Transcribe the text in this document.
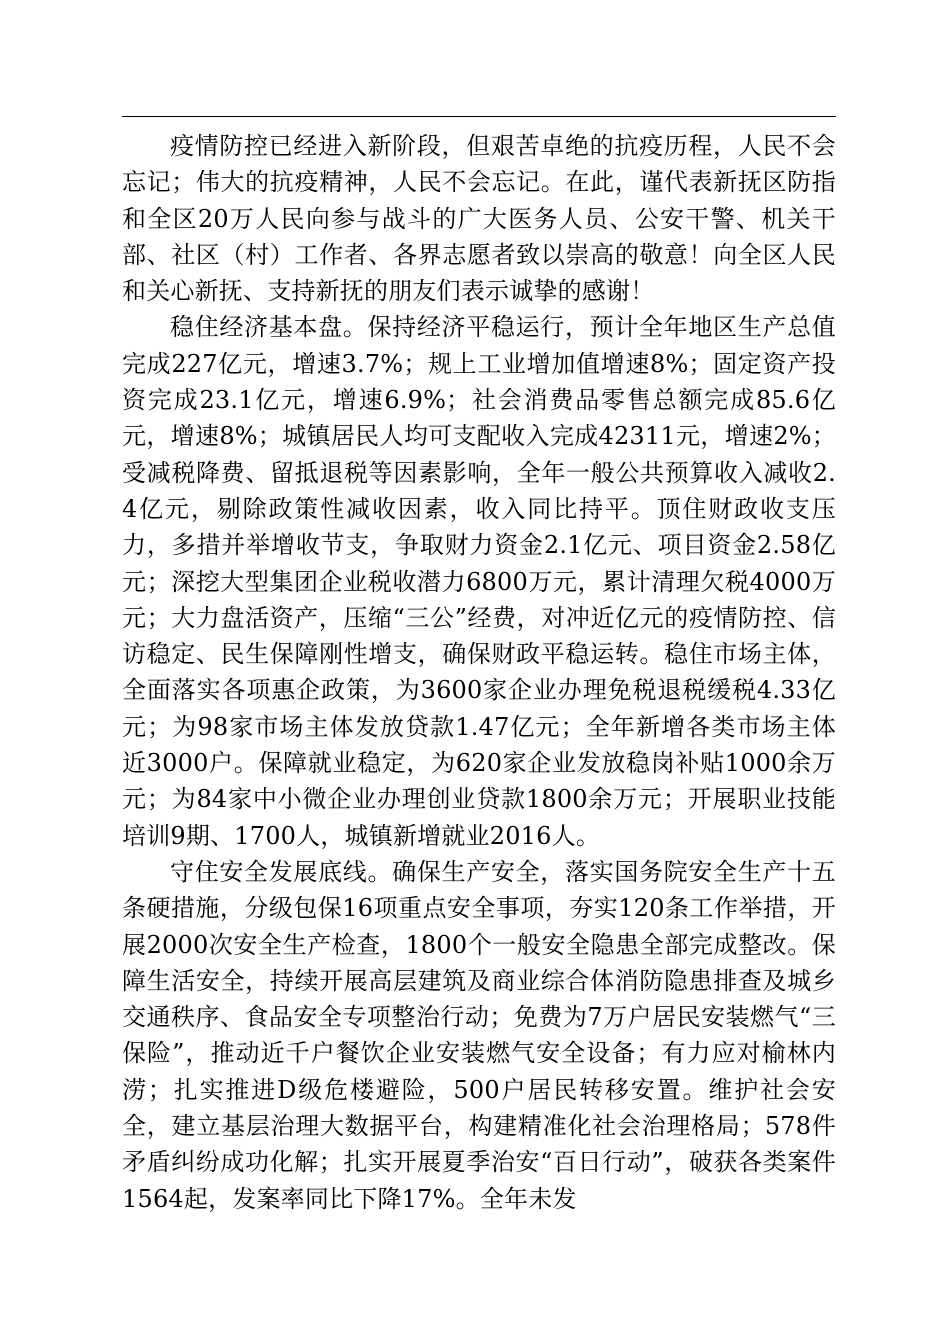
疫情防控已经进入新阶段，但艰苦卓绝的抗疫历程，人民不会忘记；伟大的抗疫精神，人民不会忘记。在此，谨代表新抚区防指和全区20万人民向参与战斗的广大医务人员、公安干警、机关干部、社区（村）工作者、各界志愿者致以崇高的敬意！向全区人民和关心新抚、支持新抚的朋友们表示诚挚的感谢！

稳住经济基本盘。保持经济平稳运行，预计全年地区生产总值完成227亿元，增速3.7%；规上工业增加值增速8%；固定资产投资完成23.1亿元，增速6.9%；社会消费品零售总额完成85.6亿元，增速8%；城镇居民人均可支配收入完成42311元，增速2%；受减税降费、留抵退税等因素影响，全年一般公共预算收入减收2.4亿元，剔除政策性减收因素，收入同比持平。顶住财政收支压力，多措并举增收节支，争取财力资金2.1亿元、项目资金2.58亿元；深挖大型集团企业税收潜力6800万元，累计清理欠税4000万元；大力盘活资产，压缩“三公”经费，对冲近亿元的疫情防控、信访稳定、民生保障刚性增支，确保财政平稳运转。稳住市场主体，全面落实各项惠企政策，为3600家企业办理免税退税缓税4.33亿元；为98家市场主体发放贷款1.47亿元；全年新增各类市场主体近3000户。保障就业稳定，为620家企业发放稳岗补贴1000余万元；为84家中小微企业办理创业贷款1800余万元；开展职业技能培训9期、1700人，城镇新增就业2016人。

守住安全发展底线。确保生产安全，落实国务院安全生产十五条硬措施，分级包保16项重点安全事项，夯实120条工作举措，开展2000次安全生产检查，1800个一般安全隐患全部完成整改。保障生活安全，持续开展高层建筑及商业综合体消防隐患排查及城乡交通秩序、食品安全专项整治行动；免费为7万户居民安装燃气“三保险”，推动近千户餐饮企业安装燃气安全设备；有力应对榆林内涝；扎实推进D级危楼避险，500户居民转移安置。维护社会安全，建立基层治理大数据平台，构建精准化社会治理格局；578件矛盾纠纷成功化解；扎实开展夏季治安“百日行动”，破获各类案件1564起，发案率同比下降17%。全年未发
